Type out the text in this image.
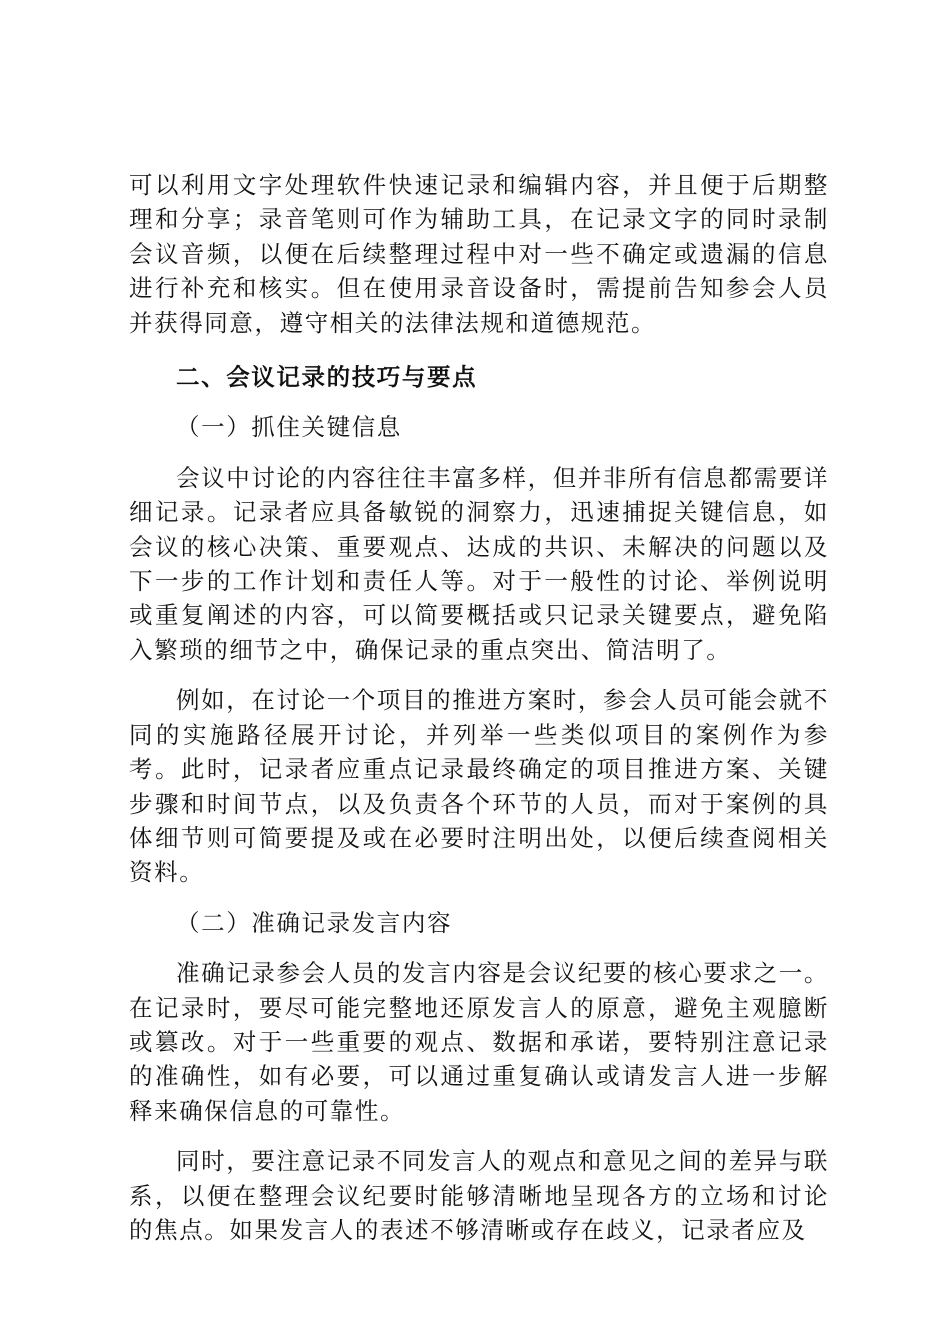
可以利用文字处理软件快速记录和编辑内容，并且便于后期整理和分享；录音笔则可作为辅助工具，在记录文字的同时录制会议音频，以便在后续整理过程中对一些不确定或遗漏的信息进行补充和核实。但在使用录音设备时，需提前告知参会人员并获得同意，遵守相关的法律法规和道德规范。

二、会议记录的技巧与要点

（一）抓住关键信息

会议中讨论的内容往往丰富多样，但并非所有信息都需要详细记录。记录者应具备敏锐的洞察力，迅速捕捉关键信息，如会议的核心决策、重要观点、达成的共识、未解决的问题以及下一步的工作计划和责任人等。对于一般性的讨论、举例说明或重复阐述的内容，可以简要概括或只记录关键要点，避免陷入繁琐的细节之中，确保记录的重点突出、简洁明了。

例如，在讨论一个项目的推进方案时，参会人员可能会就不同的实施路径展开讨论，并列举一些类似项目的案例作为参考。此时，记录者应重点记录最终确定的项目推进方案、关键步骤和时间节点，以及负责各个环节的人员，而对于案例的具体细节则可简要提及或在必要时注明出处，以便后续查阅相关资料。

（二）准确记录发言内容

准确记录参会人员的发言内容是会议纪要的核心要求之一。在记录时，要尽可能完整地还原发言人的原意，避免主观臆断或篡改。对于一些重要的观点、数据和承诺，要特别注意记录的准确性，如有必要，可以通过重复确认或请发言人进一步解释来确保信息的可靠性。

同时，要注意记录不同发言人的观点和意见之间的差异与联系，以便在整理会议纪要时能够清晰地呈现各方的立场和讨论的焦点。如果发言人的表述不够清晰或存在歧义，记录者应及
